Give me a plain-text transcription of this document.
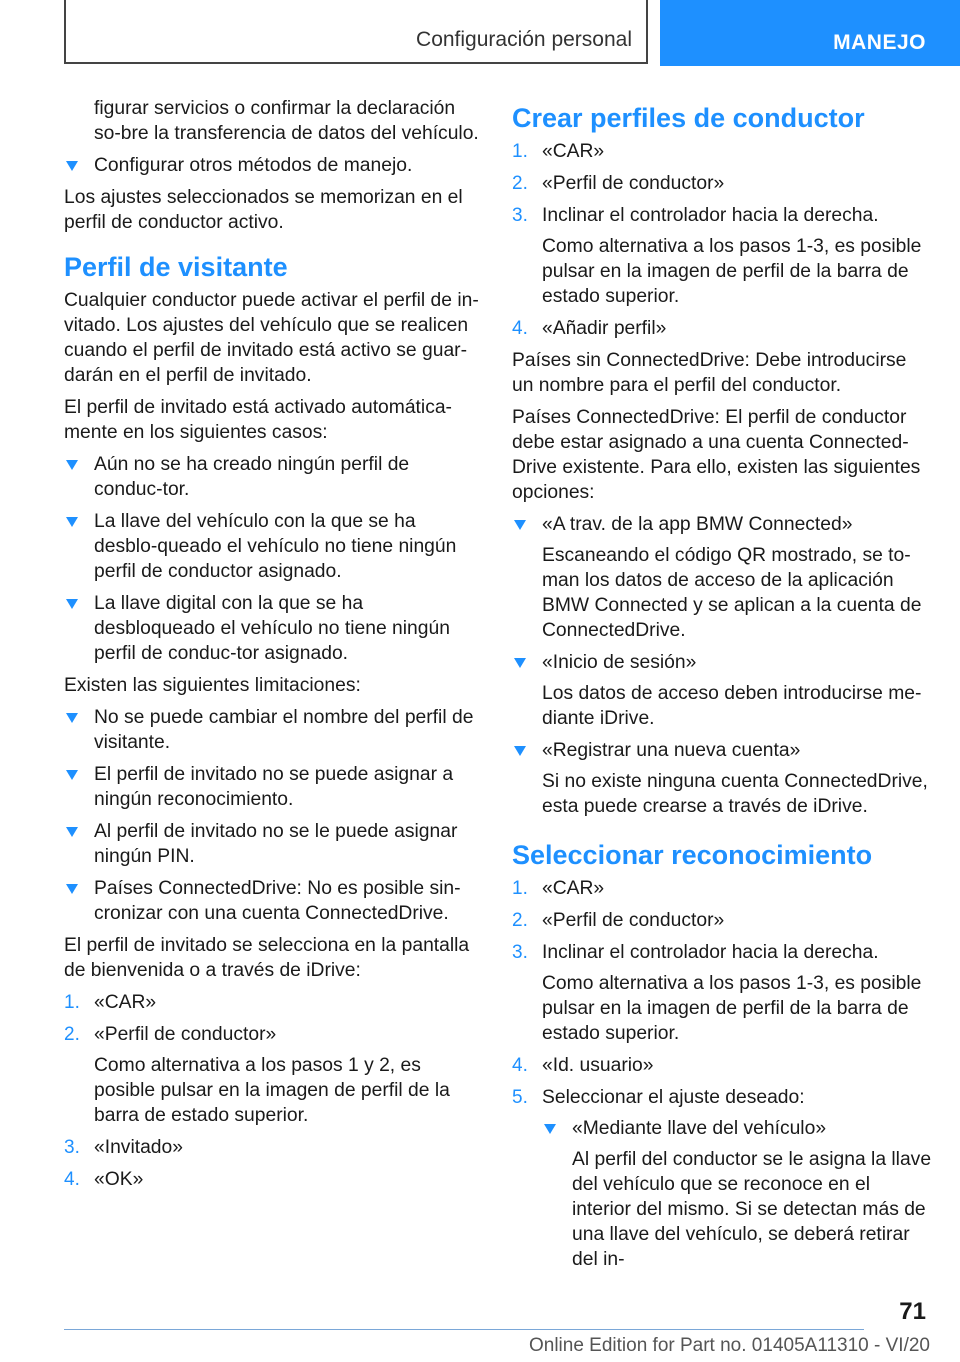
Configuración personal	MANEJO

figurar servicios o confirmar la declaración so-bre la transferencia de datos del vehículo.

Configurar otros métodos de manejo.

Los ajustes seleccionados se memorizan en el perfil de conductor activo.

Perfil de visitante

Cualquier conductor puede activar el perfil de in-vitado. Los ajustes del vehículo que se realicen cuando el perfil de invitado está activo se guar-darán en el perfil de invitado.

El perfil de invitado está activado automática-mente en los siguientes casos:

Aún no se ha creado ningún perfil de conduc-tor.
La llave del vehículo con la que se ha desblo-queado el vehículo no tiene ningún perfil de conductor asignado.
La llave digital con la que se ha desbloqueado el vehículo no tiene ningún perfil de conduc-tor asignado.

Existen las siguientes limitaciones:

No se puede cambiar el nombre del perfil de visitante.
El perfil de invitado no se puede asignar a ningún reconocimiento.
Al perfil de invitado no se le puede asignar ningún PIN.
Países ConnectedDrive: No es posible sin-cronizar con una cuenta ConnectedDrive.

El perfil de invitado se selecciona en la pantalla de bienvenida o a través de iDrive:

1. «CAR»
2. «Perfil de conductor»

Como alternativa a los pasos 1 y 2, es posible pulsar en la imagen de perfil de la barra de estado superior.

3. «Invitado»
4. «OK»
Crear perfiles de conductor
1. «CAR»
2. «Perfil de conductor»
3. Inclinar el controlador hacia la derecha.

Como alternativa a los pasos 1-3, es posible pulsar en la imagen de perfil de la barra de estado superior.

4. «Añadir perfil»

Países sin ConnectedDrive: Debe introducirse un nombre para el perfil del conductor.

Países ConnectedDrive: El perfil de conductor debe estar asignado a una cuenta Connected-Drive existente. Para ello, existen las siguientes opciones:

«A trav. de la app BMW Connected»

Escaneando el código QR mostrado, se to-man los datos de acceso de la aplicación BMW Connected y se aplican a la cuenta de ConnectedDrive.

«Inicio de sesión»

Los datos de acceso deben introducirse me-diante iDrive.

«Registrar una nueva cuenta»

Si no existe ninguna cuenta ConnectedDrive, esta puede crearse a través de iDrive.

Seleccionar reconocimiento
1. «CAR»
2. «Perfil de conductor»
3. Inclinar el controlador hacia la derecha.

Como alternativa a los pasos 1-3, es posible pulsar en la imagen de perfil de la barra de estado superior.

4. «Id. usuario»
5. Seleccionar el ajuste deseado:
«Mediante llave del vehículo»

Al perfil del conductor se le asigna la llave del vehículo que se reconoce en el interior del mismo. Si se detectan más de una llave del vehículo, se deberá retirar del in-

71
Online Edition for Part no. 01405A11310 - VI/20
